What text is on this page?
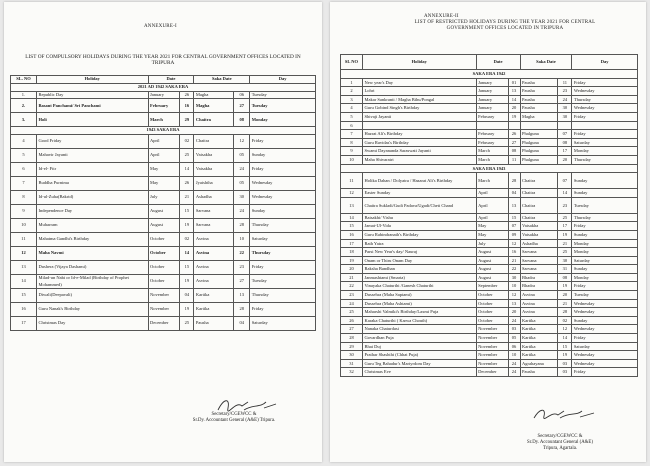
ANNEXURE-I
LIST OF COMPULSORY HOLIDAYS DURING THE YEAR 2021 FOR CENTRAL GOVERNMENT OFFICES LOCATED IN TRIPURA
SL. NO	Holiday	Date		Saka Date		Day
2021 AD 1942 SAKA ERA						
1.	Republic Day	January	26	Magha	06	Tuesday
2.	Basant Panchami/ Sri Panchami	February	16	Magha	27	Tuesday
3.	Holi	March	29	Chaitra	08	Monday
1943 SAKA ERA						
4	Good Friday	April	02	Chaitra	12	Friday
5	Mahavir Jayanti	April	25	Vaisakha	05	Sunday
6	Id-el- Fitr	May	14	Vaisakha	24	Friday
7	Buddha Purnima	May	26	Jyaishtha	05	Wednesday
8	Id-ul-Zuha(Bakrid)	July	21	Ashadha	30	Wednesday
9	Independence Day	August	15	Sarvana	24	Sunday
10	Muharram	August	19	Sarvana	28	Thursday
11	Mahatma Gandhi's Birthday	October	02	Asvina	10	Saturday
12	Maha Navmi	October	14	Asvina	22	Thursday
13	Dushera (Vijaya Dashami)	October	15	Asvina	23	Friday
14	Milad-un Nabi or Id-e-Milad (Birthday of Prophet Mohammed)	October	19	Asvina	27	Tuesday
15	Diwali(Deepavali)	November	04	Kartika	13	Thursday
16	Guru Nanak's Birthday	November	19	Kartika	28	Friday
17	Christmas Day	December	25	Pausha	04	Saturday
Secretary/CGEWCC &
Sr.Dy. Accountant General (A&E) Tripura.
ANNEXURE-II
LIST OF RESTRICTED HOLIDAYS DURING THE YEAR 2021 FOR CENTRAL GOVERNMENT OFFICES LOCATED IN TRIPURA
SL NO	Holiday	Date		Saka Date		Day
SAKA ERA 1942						
1	New year's Day	January	01	Pausha	11	Friday
2	Lohri	January	13	Pausha	23	Wednesday
3	Makar Sankranti / Magha Bihu/Pongal	January	14	Pausha	24	Thursday
4	Guru Gobind Singh's Birthday	January	20	Pausha	30	Wednesday
5	Shivaji Jayanti	February	19	Magha	30	Friday
6						
7	Hazrat Ali's Birthday	February	26	Phalguna	07	Friday
8	Guru Ravidas's Birthday	February	27	Phalguna	08	Saturday
9	Swami Dayananda Saraswati Jayanti	March	08	Phalguna	17	Monday
10	Maha Shivaratri	March	11	Phalguna	20	Thursday
SAKA ERA 1943						
11	Holika Dahan / Dolyatra / Hazarat Ali's Birthday	March	28	Chaitra	07	Sunday
12	Easter Sunday	April	04	Chaitra	14	Sunday
13	Chaitra Sukladi/Gudi Padava/Ugadi/Cheti Chand	April	13	Chaitra	23	Tuesday
14	Baisakhi/ Vishu	April	15	Chaitra	25	Thursday
15	Jamat-Ul-Vida	May	07	Vaisakha	17	Friday
16	Guru Rabindranath's Birthday	May	09	Vaisakha	19	Sunday
17	Rath Yatra	July	12	Ashadha	21	Monday
18	Parsi New Year's day/ Nauraj	August	16	Sarvana	25	Monday
19	Onam or Thiru Onam Day	August	21	Sarvana	30	Saturday
20	Raksha Bandhan	August	22	Sarvana	31	Sunday
21	Janmashtami (Smarta)	August	30	Bhadra	08	Monday
22	Vinayaka Chaturthi /Ganesh Chaturthi	September	10	Bhadra	19	Friday
23	Dussehra (Maha Saptami)	October	12	Asvina	20	Tuesday
24	Dussehra (Maha Ashtami)	October	13	Asvina	21	Wednesday
25	Maharshi Valmiki's Birthday/Laxmi Puja	October	20	Asvina	28	Wednesday
26	Karaka Chaturthi ( Karwa Chouth)	October	24	Kartika	02	Sunday
27	Nanaka Chaturdasi	November	03	Kartika	12	Wednesday
28	Govardhan Puja	November	05	Kartika	14	Friday
29	Bhai Duj	November	06	Kartika	15	Saturday
30	Prathar Shashthi (Chhat Puja)	November	10	Kartika	19	Wednesday
31	Guru Teg Bahadur's Martyrdom Day	November	24	Agrahayana	03	Wednesday
32	Christmas Eve	December	24	Pausha	03	Friday
Secretary/CGEWCC &
Sr.Dy. Accountant General (A&E)
Tripura, Agartala.
